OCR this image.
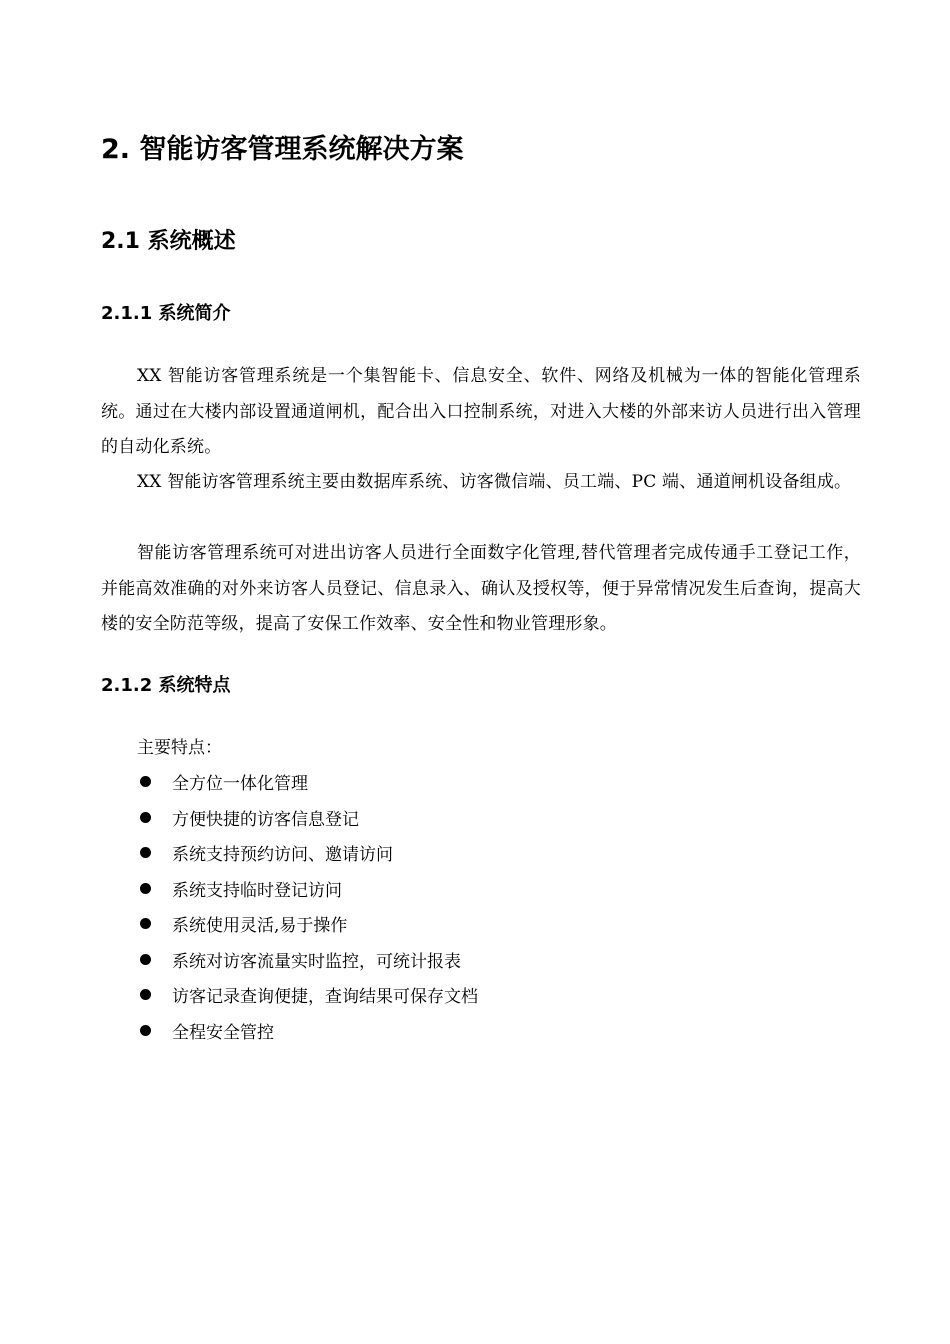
2. 智能访客管理系统解决方案
2.1 系统概述
2.1.1 系统简介

XX 智能访客管理系统是一个集智能卡、信息安全、软件、网络及机械为一体的智能化管理系统。通过在大楼内部设置通道闸机，配合出入口控制系统，对进入大楼的外部来访人员进行出入管理的自动化系统。

XX 智能访客管理系统主要由数据库系统、访客微信端、员工端、PC 端、通道闸机设备组成。

智能访客管理系统可对进出访客人员进行全面数字化管理,替代管理者完成传通手工登记工作，并能高效准确的对外来访客人员登记、信息录入、确认及授权等，便于异常情况发生后查询，提高大楼的安全防范等级，提高了安保工作效率、安全性和物业管理形象。

2.1.2 系统特点
主要特点：
全方位一体化管理
方便快捷的访客信息登记
系统支持预约访问、邀请访问
系统支持临时登记访问
系统使用灵活,易于操作
系统对访客流量实时监控，可统计报表
访客记录查询便捷，查询结果可保存文档
全程安全管控
